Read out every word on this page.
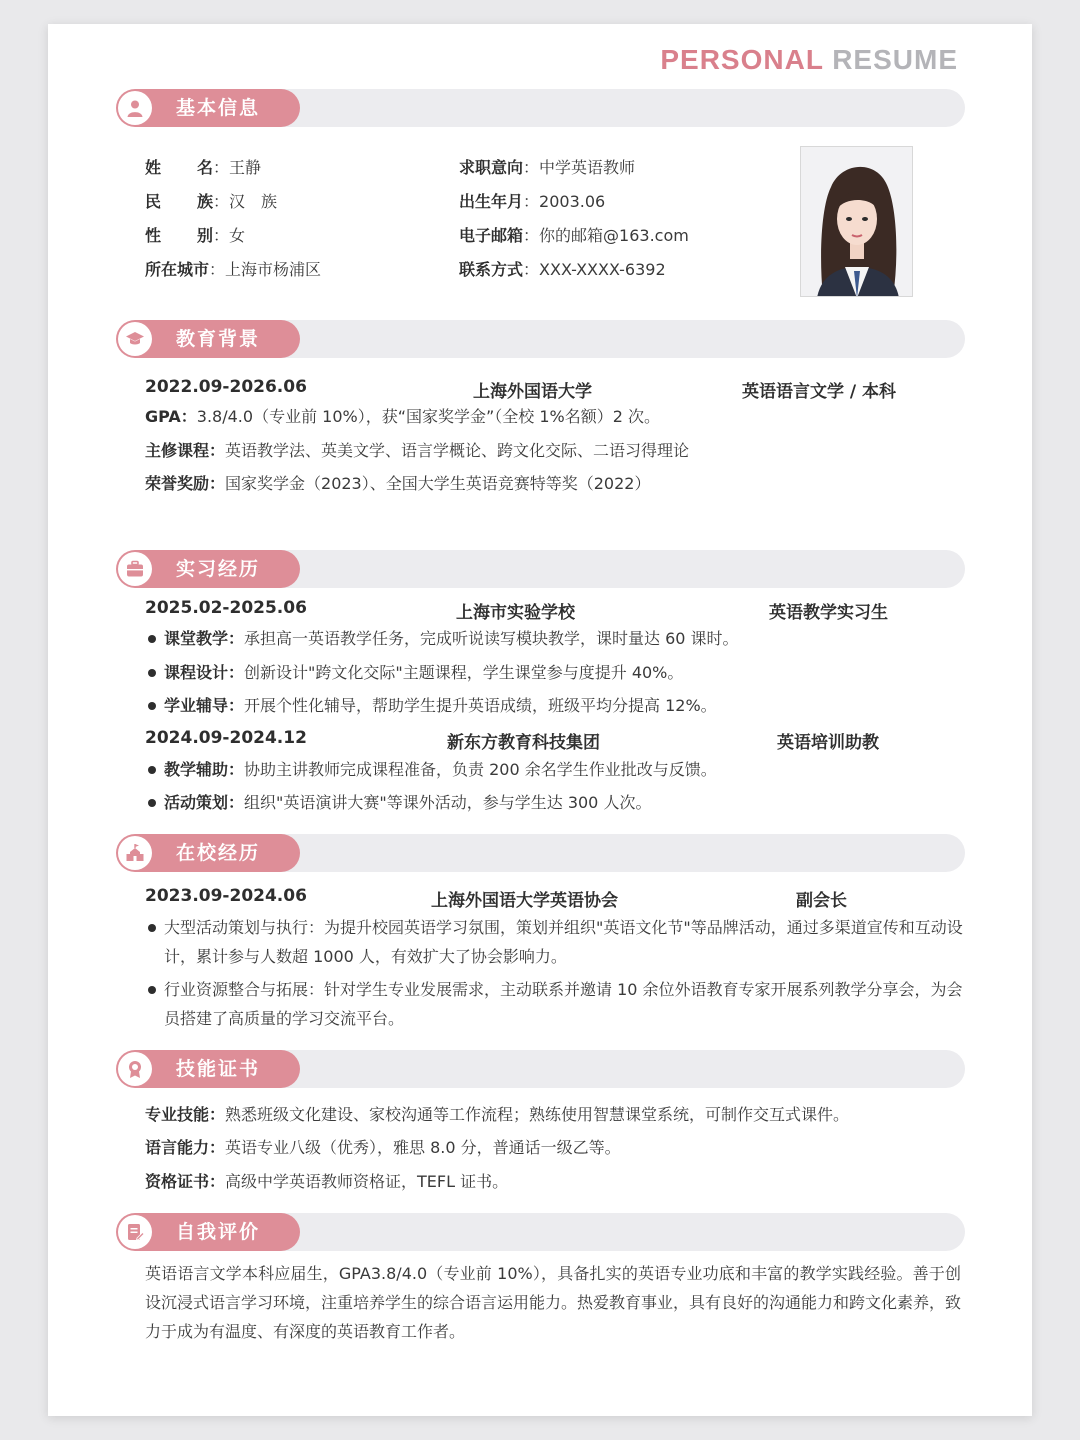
PERSONAL RESUME
基本信息
姓 名 ：王静
民 族 ：汉　族
性 别 ：女
所在城市：上海市杨浦区
求职意向：中学英语教师
出生年月：2003.06
电子邮箱：你的邮箱@163.com
联系方式：XXX-XXXX-6392
教育背景
2022.09-2026.06	上海外国语大学	英语语言文学 / 本科
GPA：3.8/4.0（专业前 10%），获“国家奖学金”（全校 1%名额）2 次。
主修课程：英语教学法、英美文学、语言学概论、跨文化交际、二语习得理论
荣誉奖励：国家奖学金（2023）、全国大学生英语竞赛特等奖（2022）
实习经历
2025.02-2025.06	上海市实验学校	英语教学实习生
课堂教学：承担高一英语教学任务，完成听说读写模块教学，课时量达 60 课时。
课程设计：创新设计"跨文化交际"主题课程，学生课堂参与度提升 40%。
学业辅导：开展个性化辅导，帮助学生提升英语成绩，班级平均分提高 12%。
2024.09-2024.12	新东方教育科技集团	英语培训助教
教学辅助：协助主讲教师完成课程准备，负责 200 余名学生作业批改与反馈。
活动策划：组织"英语演讲大赛"等课外活动，参与学生达 300 人次。
在校经历
2023.09-2024.06	上海外国语大学英语协会	副会长
大型活动策划与执行：为提升校园英语学习氛围，策划并组织"英语文化节"等品牌活动，通过多渠道宣传和互动设计，累计参与人数超 1000 人，有效扩大了协会影响力。
行业资源整合与拓展：针对学生专业发展需求，主动联系并邀请 10 余位外语教育专家开展系列教学分享会，为会员搭建了高质量的学习交流平台。
技能证书
专业技能：熟悉班级文化建设、家校沟通等工作流程；熟练使用智慧课堂系统，可制作交互式课件。
语言能力：英语专业八级（优秀），雅思 8.0 分，普通话一级乙等。
资格证书：高级中学英语教师资格证，TEFL 证书。
自我评价
英语语言文学本科应届生，GPA3.8/4.0（专业前 10%），具备扎实的英语专业功底和丰富的教学实践经验。善于创设沉浸式语言学习环境，注重培养学生的综合语言运用能力。热爱教育事业，具有良好的沟通能力和跨文化素养，致力于成为有温度、有深度的英语教育工作者。
